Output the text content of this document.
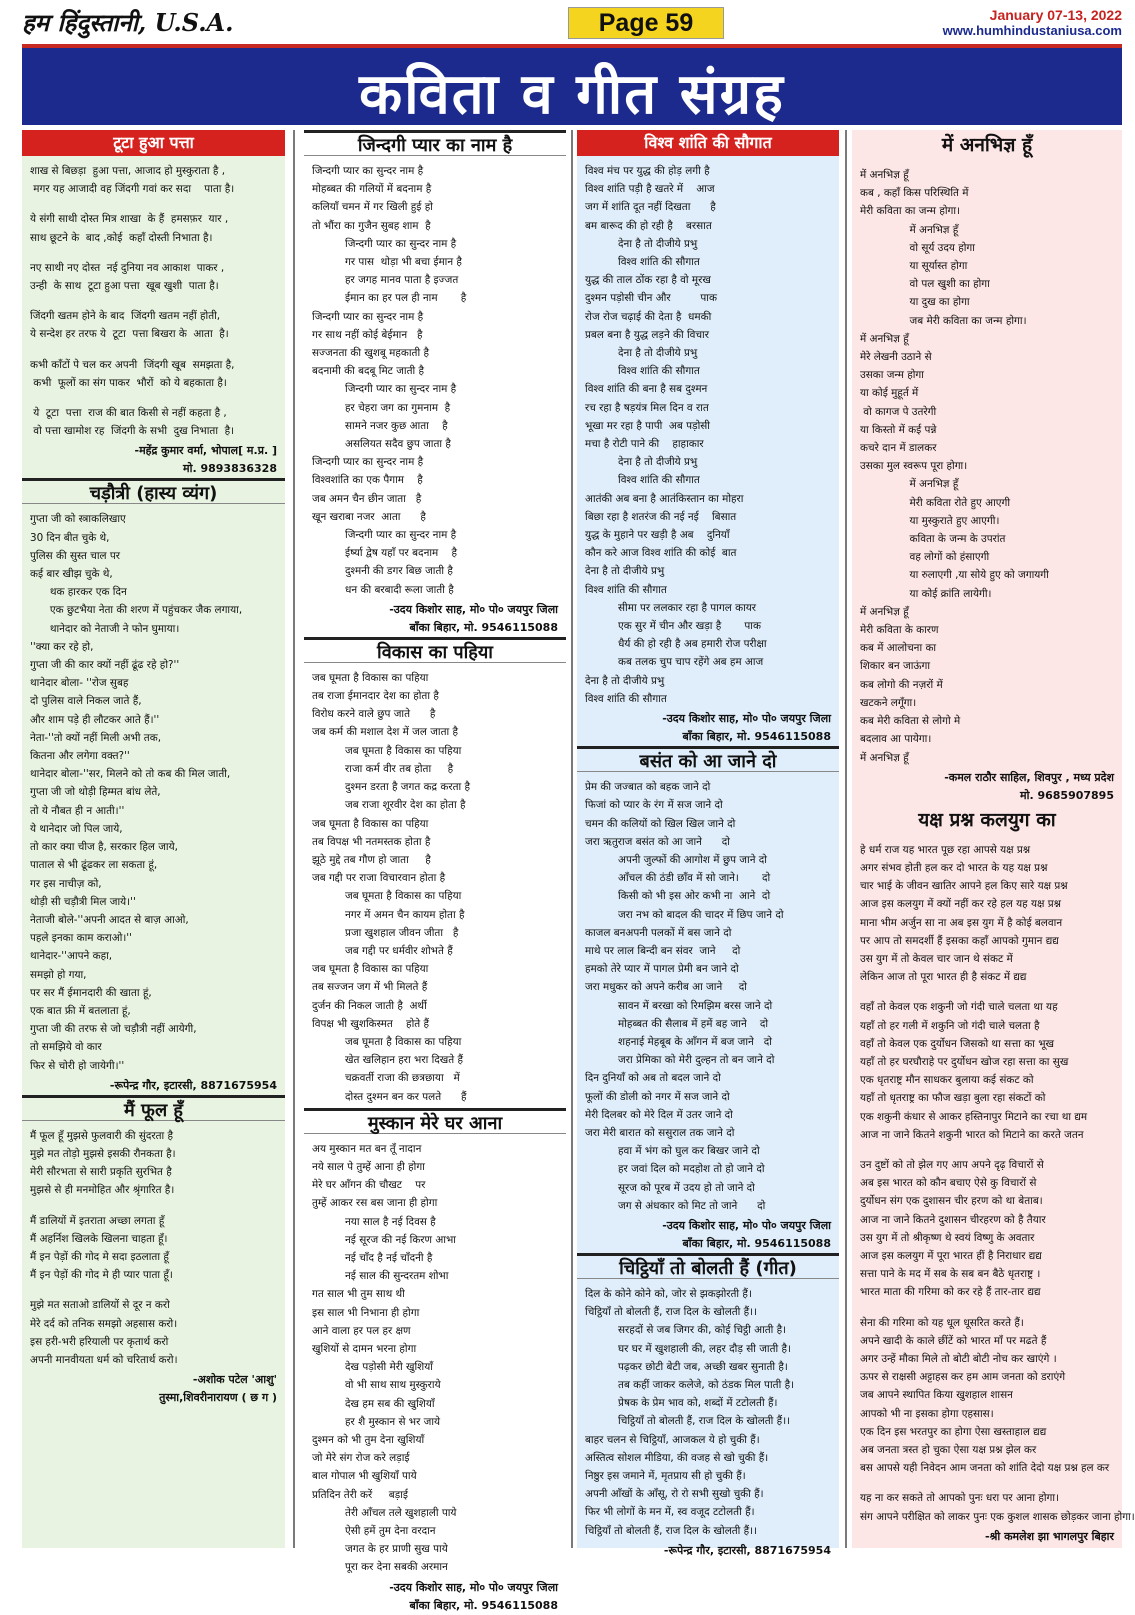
हम हिंदुस्तानी, U.S.A.	Page 59	January 07-13, 2022
www.humhindustaniusa.com
कविता व गीत संग्रह
टूटा हुआ पत्ता
शाख से बिछड़ा  हुआ पत्ता, आजाद हो मुस्कुराता है ,
मगर यह आजादी वह जिंदगी गवां कर सदा    पाता है।
ये संगी साथी दोस्त मित्र शाखा  के हैं  हमसफ़र  यार ,
साथ छूटने के  बाद ,कोई  कहाँ दोस्ती निभाता है।
नए साथी नए दोस्त  नई दुनिया नव आकाश  पाकर ,
उन्ही  के साथ  टूटा हुआ पत्ता  खूब खुशी  पाता है।
जिंदगी खतम होने के बाद  जिंदगी खतम नहीं होती,
ये सन्देश हर तरफ ये  टूटा  पत्ता बिखरा के  आता  है।
कभी काँटों पे चल कर अपनी  जिंदगी खूब  समझता है,
कभी  फूलों का संग पाकर  भौरों  को ये बहकाता है।
ये  टूटा  पत्ता  राज की बात किसी से नहीं कहता है ,
वो पत्ता खामोश रह  जिंदगी के सभी  दुख निभाता  है।
-महेंद्र कुमार वर्मा, भोपाल[ म.प्र. ]
मो. 9893836328
चड़ौत्री (हास्य व्यंग)
गुप्ता जी को स्त्राकलिखाए
30 दिन बीत चुके थे,
पुलिस की सुस्त चाल पर
कई बार खीझ चुके थे,
थक हारकर एक दिन
एक छुटभैया नेता की शरण में पहुंचकर जैक लगाया,
थानेदार को नेताजी ने फोन घुमाया।
''क्या कर रहे हो,
गुप्ता जी की कार क्यों नहीं ढूंढ रहे हो?''
थानेदार बोला- ''रोज सुबह
दो पुलिस वाले निकल जाते हैं,
और शाम पड़े ही लौटकर आते हैं।''
नेता-''तो क्यों नहीं मिली अभी तक,
कितना और लगेगा वक्त?''
थानेदार बोला-''सर, मिलने को तो कब की मिल जाती,
गुप्ता जी जो थोड़ी हिम्मत बांध लेते,
तो ये नौबत ही न आती।''
ये थानेदार जो पिल जाये,
तो कार क्या चीज है, सरकार हिल जाये,
पाताल से भी ढूंढकर ला सकता हूं,
गर इस नाचीज़ को,
थोड़ी सी चड़ौत्री मिल जाये।''
नेताजी बोले-''अपनी आदत से बाज़ आओ,
पहले इनका काम कराओ।''
थानेदार-''आपने कहा,
समझो हो गया,
पर सर मैं ईमानदारी की खाता हूं,
एक बात फ्री में बतलाता हूं,
गुप्ता जी की तरफ से जो चड़ौत्री नहीं आयेगी,
तो समझिये वो कार
फिर से चोरी हो जायेगी।''
-रूपेन्द्र गौर, इटारसी, 8871675954
मैं फूल हूँ
मैं फूल हूँ मुझसे फुलवारी की सुंदरता है
मुझे मत तोड़ो मुझसे इसकी रौनकता है।
मेरी सौरभता से सारी प्रकृति सुरभित है
मुझसे से ही मनमोहित और श्रृंगारित है।
मैं डालियों में इतराता अच्छा लगता हूँ
मैं अहर्निश खिलके खिलना चाहता हूँ।
मैं इन पेड़ों की गोद मे सदा इठलाता हूँ
मैं इन पेड़ों की गोद मे ही प्यार पाता हूँ।
मुझे मत सताओ डालियों से दूर न करो
मेरे दर्द को तनिक समझो अहसास करो।
इस हरी-भरी हरियाली पर कृतार्थ करो
अपनी मानवीयता धर्म को चरितार्थ करो।
-अशोक पटेल 'आशु'
तुस्मा,शिवरीनारायण ( छ ग )
जिन्दगी प्यार का नाम है
जिन्दगी प्यार का सुन्दर नाम है
मोहब्बत की गलियों में बदनाम है
कलियाँ चमन में गर खिली हुई हो
तो भौंरा का गुजैन सुबह शाम  है
जिन्दगी प्यार का सुन्दर नाम है
गर पास  थोड़ा भी बचा ईमान है
हर जगह मानव पाता है इज्जत
ईमान का हर पल ही नाम       है
जिन्दगी प्यार का सुन्दर नाम है
गर साथ नहीं कोई बेईमान   है
सज्जनता की खुशबू महकाती है
बदनामी की बदबू मिट जाती है
जिन्दगी प्यार का सुन्दर नाम है
हर चेहरा जग का गुमनाम  है
सामने नजर कुछ आता    है
असलियत सदैव छुप जाता है
जिन्दगी प्यार का सुन्दर नाम है
विश्वशांति का एक पैगाम    है
जब अमन चैन छीन जाता   है
खून खराबा नजर  आता      है
जिन्दगी प्यार का सुन्दर नाम है
ईर्ष्या द्वेष यहाँ पर बदनाम    है
दुश्मनी की डगर बिछ जाती है
धन की बरबादी रूला जाती है
-उदय किशोर साह, मो० पो० जयपुर जिला
बाँका बिहार, मो. 9546115088
विकास का पहिया
जब घूमता है विकास का पहिया
तब राजा ईमानदार देश का होता है
विरोध करने वाले छुप जाते      है
जब कर्म की मशाल देश में जल जाता है
जब घूमता है विकास का पहिया
राजा कर्म वीर तब होता     है
दुश्मन डरता है जगत कद्र करता है
जब राजा शूरवीर देश का होता है
जब घूमता है विकास का पहिया
तब विपक्ष भी नतमस्तक होता है
झूठे मुद्दे तब गौण हो जाता     है
जब गद्दी पर राजा विचारवान होता है
जब घूमता है विकास का पहिया
नगर में अमन चैन कायम होता है
प्रजा खुशहाल जीवन जीता   है
जब गद्दी पर धर्मवीर शोभते हैं
जब घूमता है विकास का पहिया
तब सज्जन जग में भी मिलते हैं
दुर्जन की निकल जाती है  अर्थी
विपक्ष भी खुशकिस्मत    होते हैं
जब घूमता है विकास का पहिया
खेत खलिहान हरा भरा दिखते हैं
चक्रवर्ती राजा की छत्रछाया   में
दोस्त दुश्मन बन कर पलते      हैं
मुस्कान मेरे घर आना
अय मुस्कान मत बन तूँ नादान
नये साल पे तुम्हें आना ही होगा
मेरे घर आँगन की चौखट    पर
तुम्हें आकर रस बस जाना ही होगा
नया साल है नई दिवस है
नई सूरज की नई किरण आभा
नई चाँद है नई चाँदनी है
नई साल की सुन्दरतम शोभा
गत साल भी तुम साथ थी
इस साल भी निभाना ही होगा
आने वाला हर पल हर क्षण
खुशियों से दामन भरना होगा
देख पड़ोसी मेरी खुशियाँ
वो भी साथ साथ मुस्कुराये
देख हम सब की खुशियाँ
हर शै मुस्कान से भर जाये
दुश्मन को भी तुम देना खुशियाँ
जो मेरे संग रोज करे लड़ाई
बाल गोपाल भी खुशियाँ पाये
प्रतिदिन तेरी करें     बड़ाई
तेरी आँचल तले खुशहाली पाये
ऐसी हमें तुम देना वरदान
जगत के हर प्राणी सुख पाये
पूरा कर देना सबकी अरमान
-उदय किशोर साह, मो० पो० जयपुर जिला
बाँका बिहार, मो. 9546115088
विश्व शांति की सौगात
विश्व मंच पर युद्ध की होड़ लगी है
विश्व शांति पड़ी है खतरे में    आज
जग में शांति दूत नहीं दिखता      है
बम बारूद की हो रही है    बरसात
देना है तो दीजीये प्रभु
विश्व शांति की सौगात
युद्ध की ताल ठोंक रहा है वो मूरख
दुश्मन पड़ोसी चीन और         पाक
रोज रोज चढ़ाई की देता है  धमकी
प्रबल बना है युद्ध लड़ने की विचार
देना है तो दीजीये प्रभु
विश्व शांति की सौगात
विश्व शांति की बना है सब दुश्मन
रच रहा है षड़यंत्र मिल दिन व रात
भूखा मर रहा है पापी  अब पड़ोसी
मचा है रोटी पाने की    हाहाकार
देना है तो दीजीये प्रभु
विश्व शांति की सौगात
आतंकी अब बना है आतंकिस्तान का मोहरा
बिछा रहा है शतरंज की नई नई    बिसात
युद्ध के मुहाने पर खड़ी है अब    दुनियाँ
कौन करे आज विश्व शांति की कोई  बात
देना है तो दीजीये प्रभु
विश्व शांति की सौगात
सीमा पर ललकार रहा है पागल कायर
एक सुर में चीन और खड़ा है       पाक
धैर्य की हो रही है अब हमारी रोज परीक्षा
कब तलक चुप चाप रहेंगे अब हम आज
देना है तो दीजीये प्रभु
विश्व शांति की सौगात
-उदय किशोर साह, मो० पो० जयपुर जिला
बाँका बिहार, मो. 9546115088
बसंत को आ जाने दो
प्रेम की जज्बात को बहक जाने दो
फिजां को प्यार के रंग में सज जाने दो
चमन की कलियों को खिल खिल जाने दो
जरा ऋतुराज बसंत को आ जाने      दो
अपनी जुल्फों की आगोश में छुप जाने दो
आँचल की ठंडी छाँव में सो जाने।       दो
किसी को भी इस ओर कभी ना  आने  दो
जरा नभ को बादल की चादर में छिप जाने दो
काजल बनअपनी पलकों में बस जाने दो
माथे पर लाल बिन्दी बन संवर  जाने     दो
हमको तेरे प्यार में पागल प्रेमी बन जाने दो
जरा मधुकर को अपने करीब आ जाने     दो
सावन में बरखा को रिमझिम बरस जाने दो
मोहब्बत की सैलाब में हमें बह जाने    दो
शहनाई मेहबूब के आँगन में बज जाने   दो
जरा प्रेमिका को मेरी दुल्हन तो बन जाने दो
दिन दुनियाँ को अब तो बदल जाने दो
फूलों की डोली को नगर में सज जाने दो
मेरी दिलबर को मेरे दिल में उतर जाने दो
जरा मेरी बारात को ससुराल तक जाने दो
हवा में भंग को घुल कर बिखर जाने दो
हर जवां दिल को मदहोश तो हो जाने दो
सूरज को पूरब में उदय हो तो जाने दो
जग से अंधकार को मिट तो जाने      दो
-उदय किशोर साह, मो० पो० जयपुर जिला
बाँका बिहार, मो. 9546115088
चिट्ठियाँ तो बोलती हैं (गीत)
दिल के कोने कोने को, जोर से झकझोरती हैं।
चिट्ठियाँ तो बोलती हैं, राज दिल के खोलती हैं।।
सरहदों से जब जिगर की, कोई चिट्ठी आती है।
घर घर में खुशहाली की, लहर दौड़ सी जाती है।
पढ़कर छोटी बेटी जब, अच्छी खबर सुनाती है।
तब कहीं जाकर कलेजे, को ठंडक मिल पाती है।
प्रेषक के प्रेम भाव को, शब्दों में टटोलती हैं।
चिट्ठियाँ तो बोलती हैं, राज दिल के खोलती हैं।।
बाहर चलन से चिट्ठियाँ, आजकल ये हो चुकी हैं।
अस्तित्व सोशल मीडिया, की वजह से खो चुकी हैं।
निष्ठुर इस जमाने में, मृतप्राय सी हो चुकी हैं।
अपनी आँखों के आँसू, रो रो सभी सुखो चुकी हैं।
फिर भी लोगों के मन में, स्व वजूद टटोलती हैं।
चिट्ठियाँ तो बोलती हैं, राज दिल के खोलती हैं।।
-रूपेन्द्र गौर, इटारसी, 8871675954
में अनभिज्ञ हूँ
में अनभिज्ञ हूँ
कब , कहाँ किस परिस्थिति में
मेरी कविता का जन्म होगा।
में अनभिज्ञ हूँ
वो सूर्य उदय होगा
या सूर्यास्त होगा
वो पल खुशी का होगा
या दुख का होगा
जब मेरी कविता का जन्म होगा।
में अनभिज्ञ हूँ
मेरे लेखनी उठाने से
उसका जन्म होगा
या कोई मुहूर्त में
वो कागज पे उतरेगी
या किस्तो में कई पन्ने
कचरे दान में डालकर
उसका मुल स्वरूप पूरा होगा।
में अनभिज्ञ हूँ
मेरी कविता रोते हुए आएगी
या मुस्कुराते हुए आएगी।
कविता के जन्म के उपरांत
वह लोगों को हंसाएगी
या रुलाएगी ,या सोये हुए को जगायगी
या कोई क्रांति लायेगी।
में अनभिज्ञ हूँ
मेरी कविता के कारण
कब में आलोचना का
शिकार बन जाऊंगा
कब लोगो की नज़रों में
खटकने लगूँगा।
कब मेरी कविता से लोगो मे
बदलाव आ पायेगा।
में अनभिज्ञ हूँ
-कमल राठौर साहिल, शिवपुर , मध्य प्रदेश
मो. 9685907895
यक्ष प्रश्न कलयुग का
हे धर्म राज यह भारत पूछ रहा आपसे यक्ष प्रश्न
अगर संभव होती हल कर दो भारत के यह यक्ष प्रश्न
चार भाई के जीवन खातिर आपने हल किए सारे यक्ष प्रश्न
आज इस कलयुग में क्यों नहीं कर रहे हल यह यक्ष प्रश्न
माना भीम अर्जुन सा ना अब इस युग में है कोई बलवान
पर आप तो समदर्शी हैं इसका कहाँ आपको गुमान द्यद्य
उस युग में तो केवल चार जान थे संकट में
लेकिन आज तो पूरा भारत ही है संकट में द्यद्य
वहाँ तो केवल एक शकुनी जो गंदी चाले चलता था यह
यहाँ तो हर गली में शकुनि जो गंदी चाले चलता है
वहाँ तो केवल एक दुर्योधन जिसको था सत्ता का भूख
यहाँ तो हर घरघौराहे पर दुर्योधन खोज रहा सत्ता का सुख
एक धृतराष्ट्र मौन साधकर बुलाया कई संकट को
यहाँ तो धृतराष्ट्र का फौज खड़ा बुला रहा संकटों को
एक शकुनी कंधार से आकर हस्तिनापुर मिटाने का रचा था द्यम
आज ना जाने कितने शकुनी भारत को मिटाने का करते जतन
उन दुष्टों को तो झेल गए आप अपने दृढ़ विचारों से
अब इस भारत को कौन बचाए ऐसे कु विचारों से
दुर्योधन संग एक दुशासन चीर हरण को था बेताब।
आज ना जाने कितने दुशासन चीरहरण को है तैयार
उस युग में तो श्रीकृष्ण थे स्वयं विष्णु के अवतार
आज इस कलयुग में पूरा भारत हीं है निराधार द्यद्य
सत्ता पाने के मद में सब के सब बन बैठे धृतराष्ट्र ।
भारत माता की गरिमा को कर रहे हैं तार-तार द्यद्य
सेना की गरिमा को यह धूल धूसरित करते हैं।
अपने खादी के काले छींटें को भारत माँ पर मढते हैं
अगर उन्हें मौका मिले तो बोटी बोटी नोच कर खाएंगे ।
ऊपर से राक्षसी अट्टाहस कर हम आम जनता को डराएंगे
जब आपने स्थापित किया खुशहाल शासन
आपको भी ना इसका होगा एहसास।
एक दिन इस भरतपुर का होगा ऐसा खस्ताहाल द्यद्य
अब जनता त्रस्त हो चुका ऐसा यक्ष प्रश्न झेल कर
बस आपसे यही निवेदन आम जनता को शांति देदो यक्ष प्रश्न हल कर
यह ना कर सकते तो आपको पुनः धरा पर आना होगा।
संग आपने परीक्षित को लाकर पुनः एक कुशल शासक छोड़कर जाना होगा।
-श्री कमलेश झा भागलपुर बिहार
